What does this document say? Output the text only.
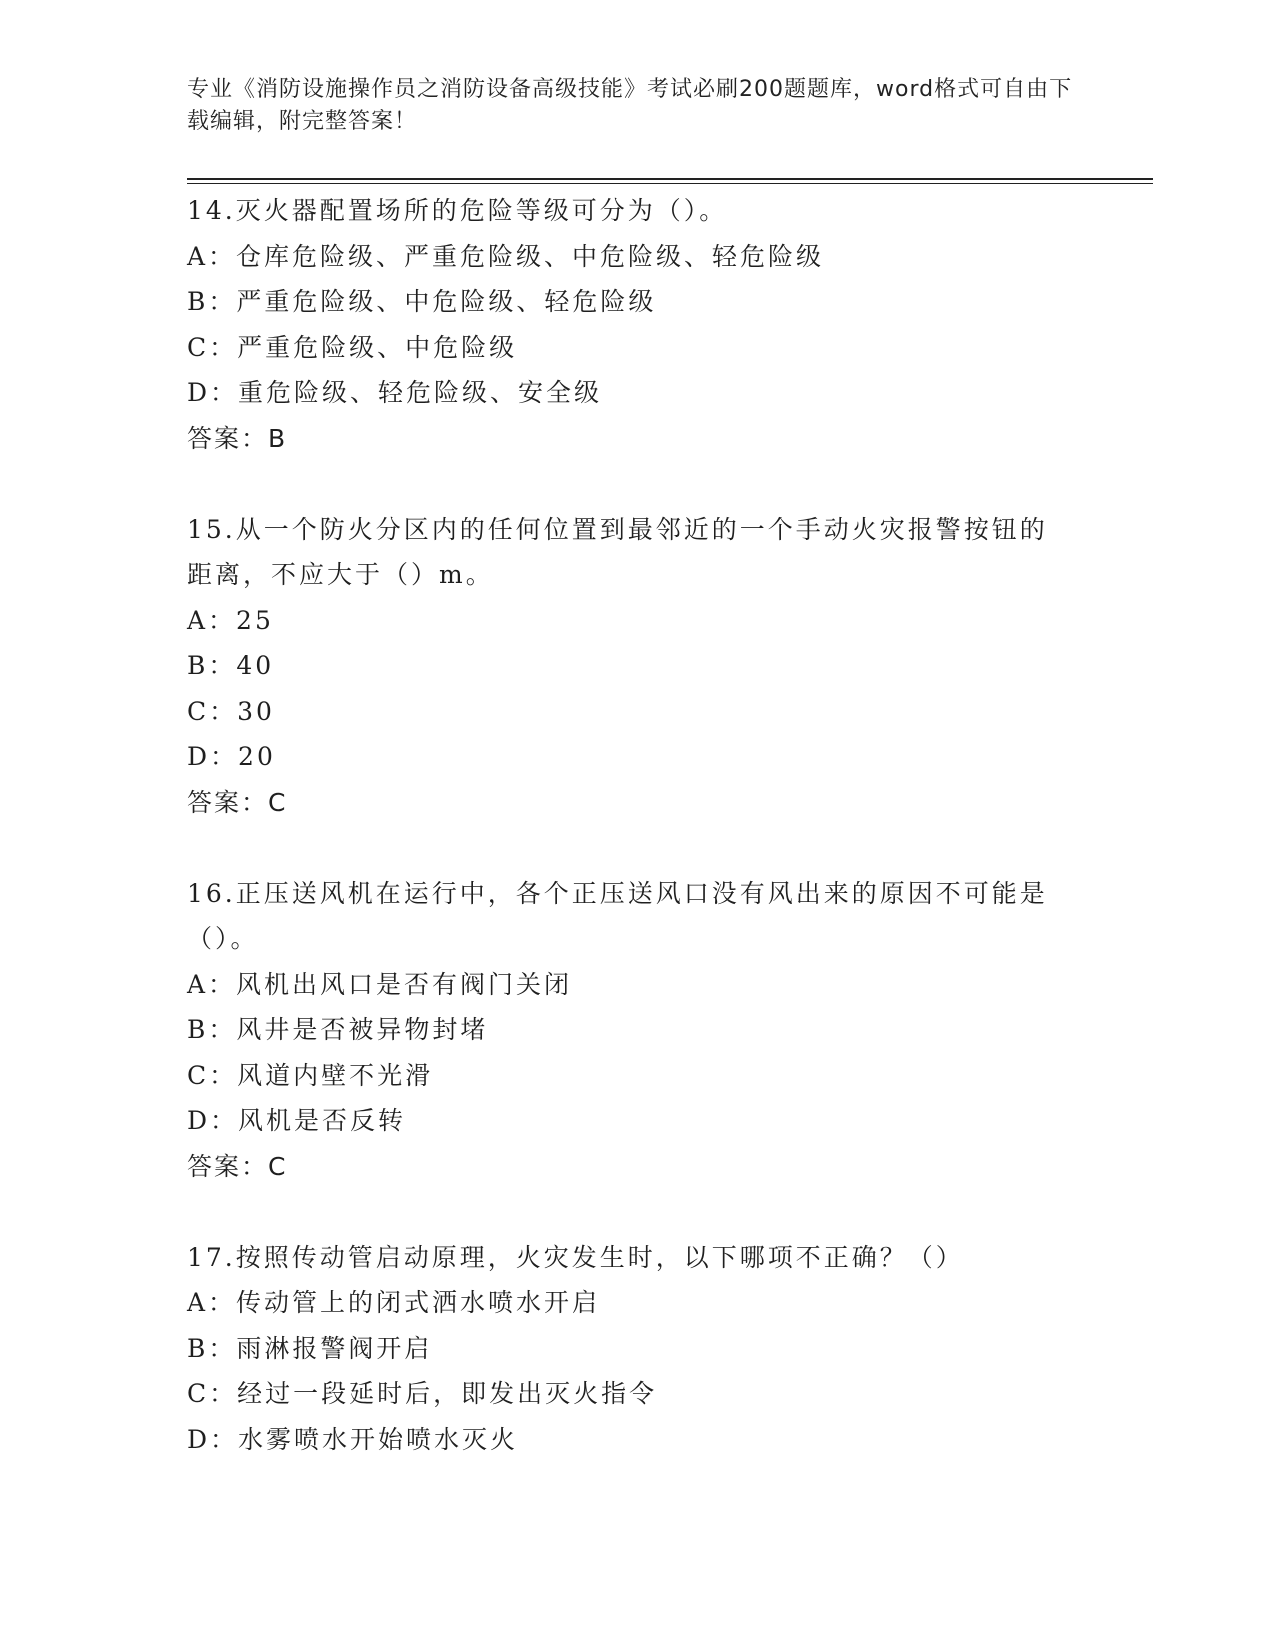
专业《消防设施操作员之消防设备高级技能》考试必刷200题题库，word格式可自由下载编辑，附完整答案！
14.灭火器配置场所的危险等级可分为（）。
A：仓库危险级、严重危险级、中危险级、轻危险级
B：严重危险级、中危险级、轻危险级
C：严重危险级、中危险级
D：重危险级、轻危险级、安全级
答案：B
15.从一个防火分区内的任何位置到最邻近的一个手动火灾报警按钮的
距离，不应大于（）m。
A：25
B：40
C：30
D：20
答案：C
16.正压送风机在运行中，各个正压送风口没有风出来的原因不可能是
（）。
A：风机出风口是否有阀门关闭
B：风井是否被异物封堵
C：风道内壁不光滑
D：风机是否反转
答案：C
17.按照传动管启动原理，火灾发生时，以下哪项不正确？（）
A：传动管上的闭式洒水喷水开启
B：雨淋报警阀开启
C：经过一段延时后，即发出灭火指令
D：水雾喷水开始喷水灭火
